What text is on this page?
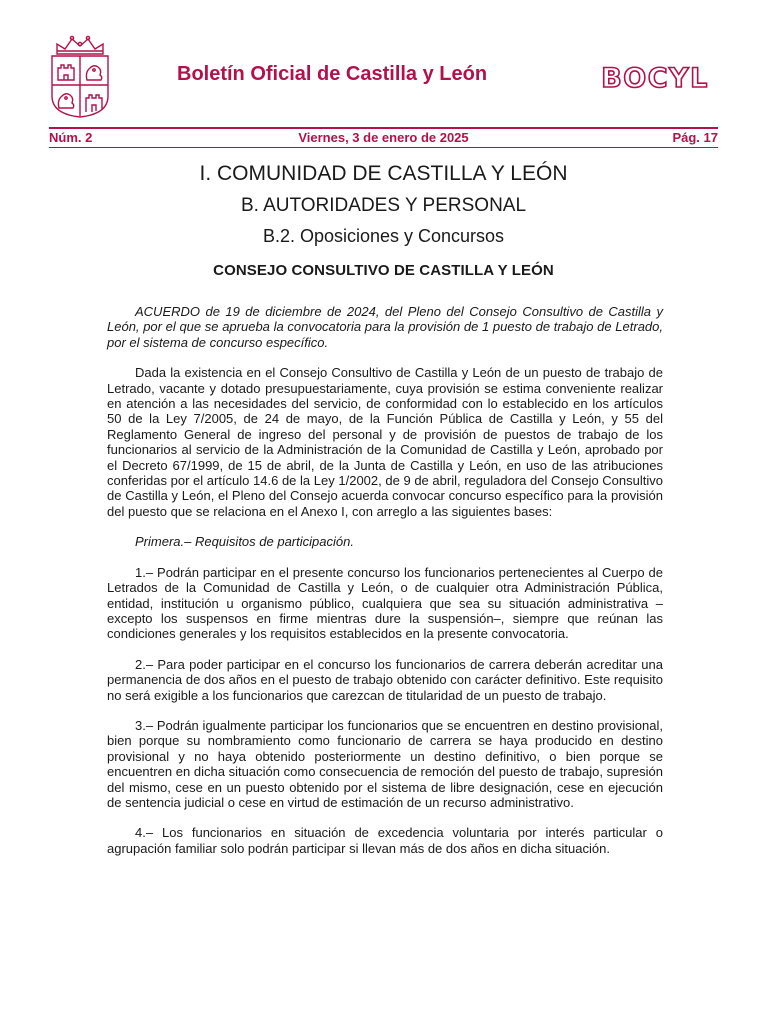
Boletín Oficial de Castilla y León	BOCYL
Núm. 2	Viernes, 3 de enero de 2025	Pág. 17
I. COMUNIDAD DE CASTILLA Y LEÓN
B. AUTORIDADES Y PERSONAL
B.2. Oposiciones y Concursos
CONSEJO CONSULTIVO DE CASTILLA Y LEÓN

ACUERDO de 19 de diciembre de 2024, del Pleno del Consejo Consultivo de Castilla y León, por el que se aprueba la convocatoria para la provisión de 1 puesto de trabajo de Letrado, por el sistema de concurso específico.

Dada la existencia en el Consejo Consultivo de Castilla y León de un puesto de trabajo de Letrado, vacante y dotado presupuestariamente, cuya provisión se estima conveniente realizar en atención a las necesidades del servicio, de conformidad con lo establecido en los artículos 50 de la Ley 7/2005, de 24 de mayo, de la Función Pública de Castilla y León, y 55 del Reglamento General de ingreso del personal y de provisión de puestos de trabajo de los funcionarios al servicio de la Administración de la Comunidad de Castilla y León, aprobado por el Decreto 67/1999, de 15 de abril, de la Junta de Castilla y León, en uso de las atribuciones conferidas por el artículo 14.6 de la Ley 1/2002, de 9 de abril, reguladora del Consejo Consultivo de Castilla y León, el Pleno del Consejo acuerda convocar concurso específico para la provisión del puesto que se relaciona en el Anexo I, con arreglo a las siguientes bases:

Primera.– Requisitos de participación.

1.– Podrán participar en el presente concurso los funcionarios pertenecientes al Cuerpo de Letrados de la Comunidad de Castilla y León, o de cualquier otra Administración Pública, entidad, institución u organismo público, cualquiera que sea su situación administrativa –excepto los suspensos en firme mientras dure la suspensión–, siempre que reúnan las condiciones generales y los requisitos establecidos en la presente convocatoria.

2.– Para poder participar en el concurso los funcionarios de carrera deberán acreditar una permanencia de dos años en el puesto de trabajo obtenido con carácter definitivo. Este requisito no será exigible a los funcionarios que carezcan de titularidad de un puesto de trabajo.

3.– Podrán igualmente participar los funcionarios que se encuentren en destino provisional, bien porque su nombramiento como funcionario de carrera se haya producido en destino provisional y no haya obtenido posteriormente un destino definitivo, o bien porque se encuentren en dicha situación como consecuencia de remoción del puesto de trabajo, supresión del mismo, cese en un puesto obtenido por el sistema de libre designación, cese en ejecución de sentencia judicial o cese en virtud de estimación de un recurso administrativo.

4.– Los funcionarios en situación de excedencia voluntaria por interés particular o agrupación familiar solo podrán participar si llevan más de dos años en dicha situación.
